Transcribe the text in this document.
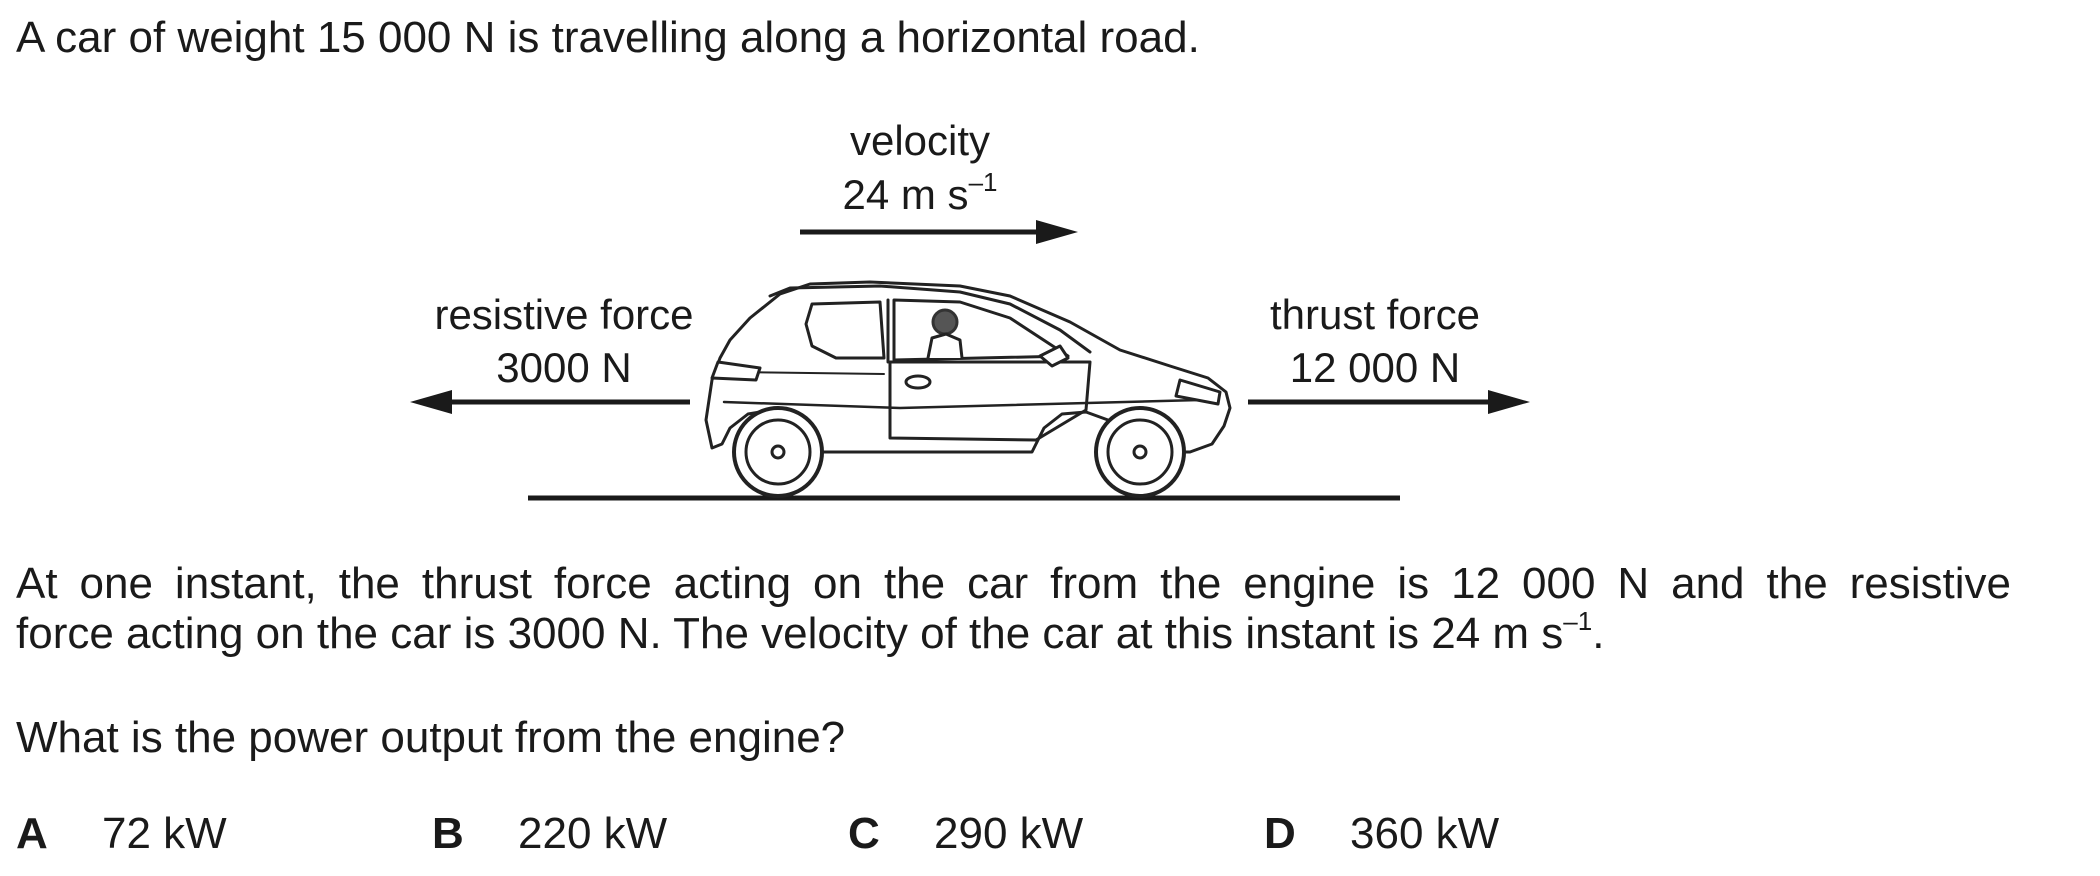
A car of weight 15 000 N is travelling along a horizontal road.
velocity
24 m $s^{-1}$
resistive force
3000 N
thrust force
12 000 N
At one instant, the thrust force acting on the car from the engine is 12 000 N and the resistive
force acting on the car is 3000 N. The velocity of the car at this instant is 24 m $s^{-1}$.
What is the power output from the engine?
A 72 kW	B 220 kW	C 290 kW	D 360 kW
